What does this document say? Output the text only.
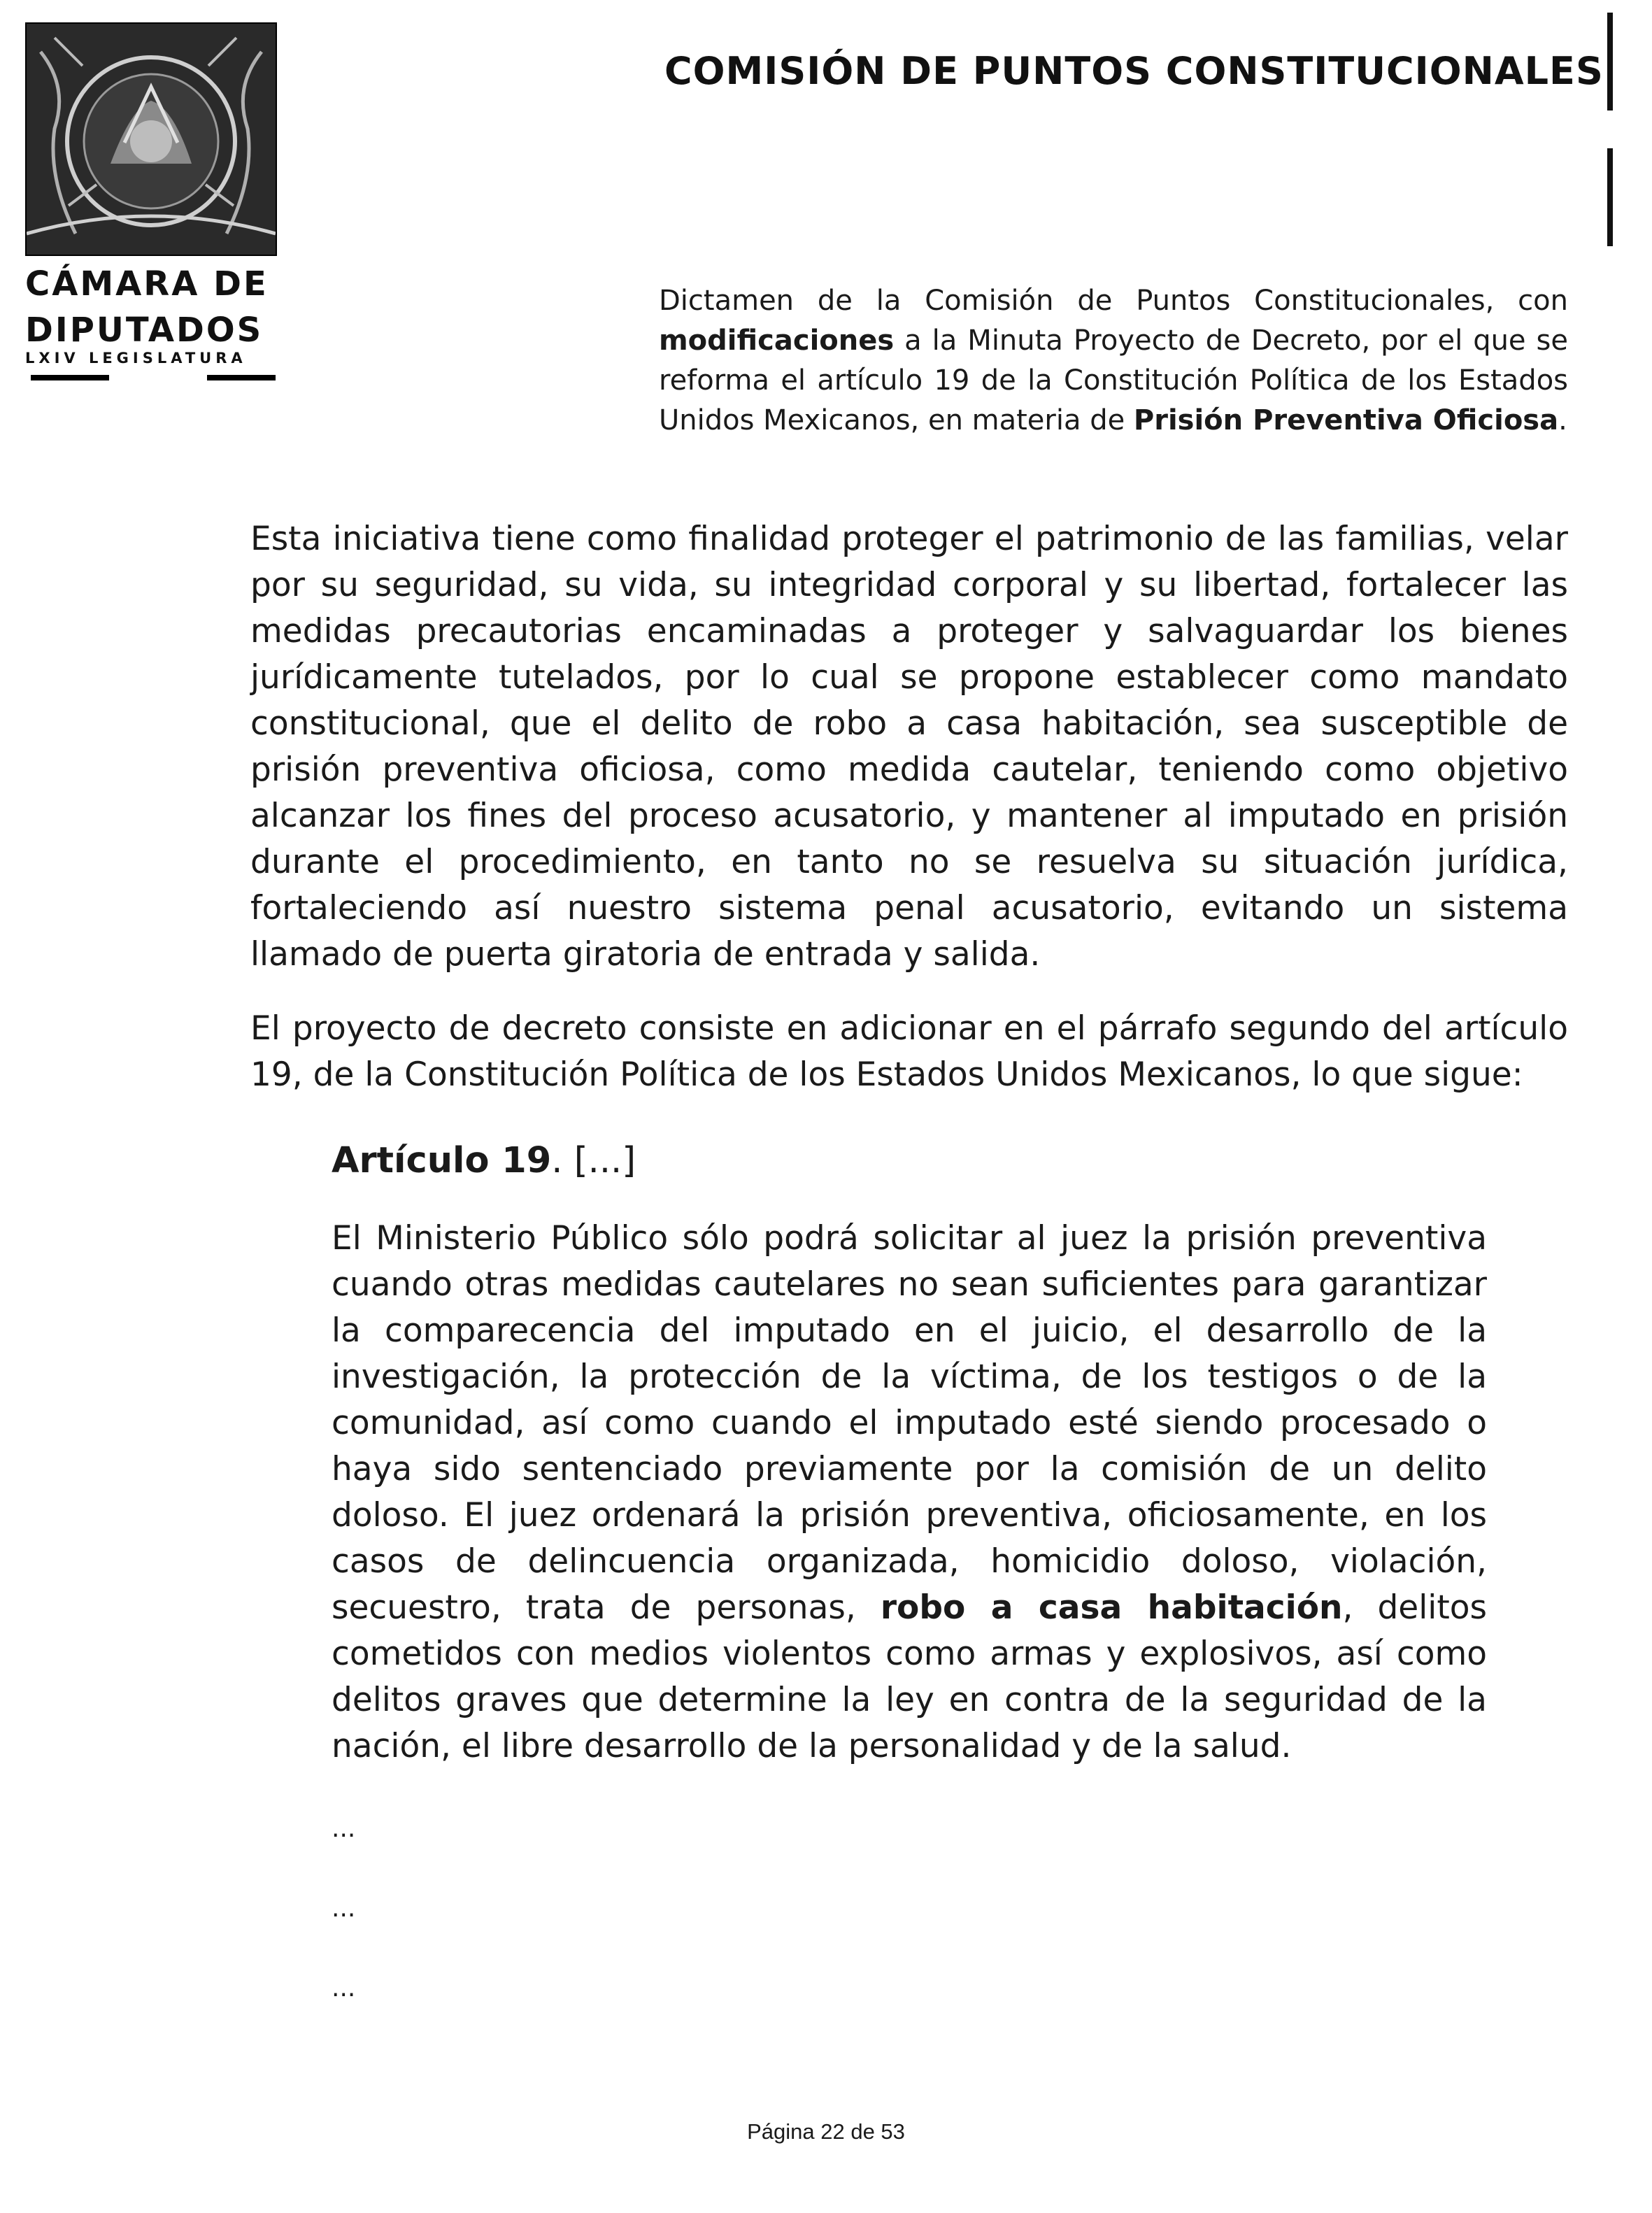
CÁMARA DE
DIPUTADOS
LXIV LEGISLATURA
COMISIÓN DE PUNTOS CONSTITUCIONALES
Dictamen de la Comisión de Puntos Constitucionales, con modificaciones a la Minuta Proyecto de Decreto, por el que se reforma el artículo 19 de la Constitución Política de los Estados Unidos Mexicanos, en materia de Prisión Preventiva Oficiosa.
Esta iniciativa tiene como finalidad proteger el patrimonio de las familias, velar por su seguridad, su vida, su integridad corporal y su libertad, fortalecer las medidas precautorias encaminadas a proteger y salvaguardar los bienes jurídicamente tutelados, por lo cual se propone establecer como mandato constitucional, que el delito de robo a casa habitación, sea susceptible de prisión preventiva oficiosa, como medida cautelar, teniendo como objetivo alcanzar los fines del proceso acusatorio, y mantener al imputado en prisión durante el procedimiento, en tanto no se resuelva su situación jurídica, fortaleciendo así nuestro sistema penal acusatorio, evitando un sistema llamado de puerta giratoria de entrada y salida.
El proyecto de decreto consiste en adicionar en el párrafo segundo del artículo 19, de la Constitución Política de los Estados Unidos Mexicanos, lo que sigue:
Artículo 19. [...]
El Ministerio Público sólo podrá solicitar al juez la prisión preventiva cuando otras medidas cautelares no sean suficientes para garantizar la comparecencia del imputado en el juicio, el desarrollo de la investigación, la protección de la víctima, de los testigos o de la comunidad, así como cuando el imputado esté siendo procesado o haya sido sentenciado previamente por la comisión de un delito doloso. El juez ordenará la prisión preventiva, oficiosamente, en los casos de delincuencia organizada, homicidio doloso, violación, secuestro, trata de personas, robo a casa habitación, delitos cometidos con medios violentos como armas y explosivos, así como delitos graves que determine la ley en contra de la seguridad de la nación, el libre desarrollo de la personalidad y de la salud.
...
...
...
Página 22 de 53
